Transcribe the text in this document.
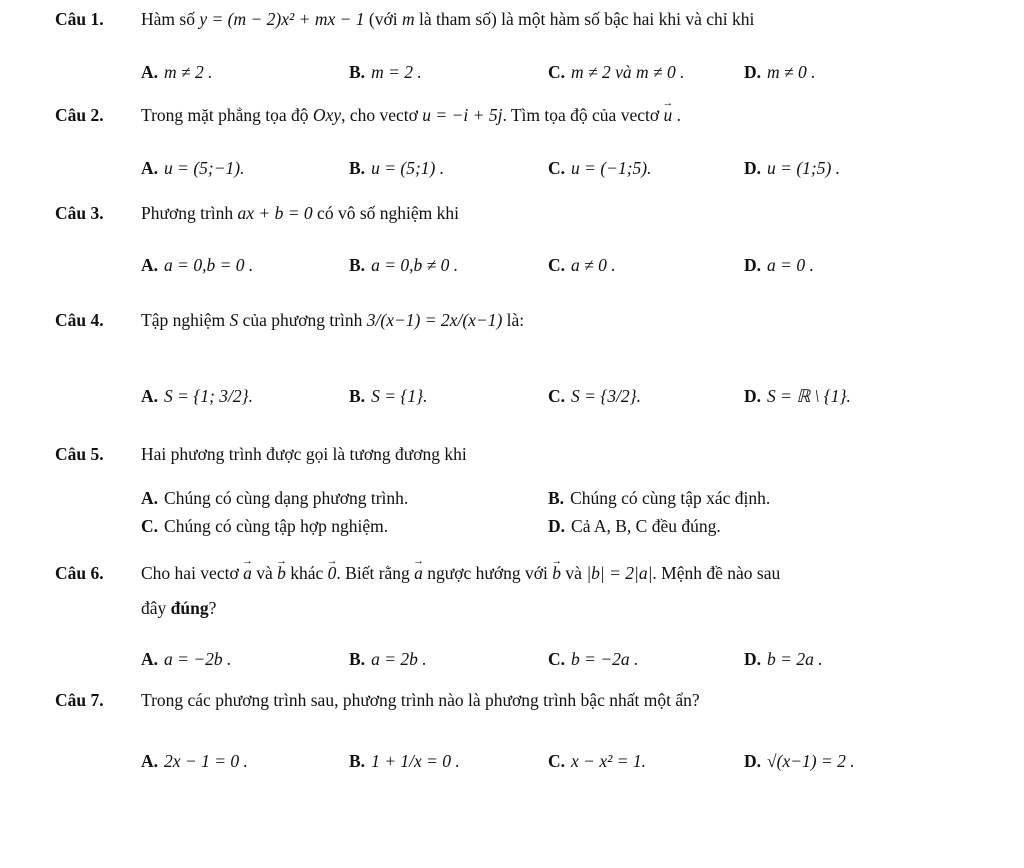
Câu 1. Hàm số y = (m − 2)x² + mx − 1 (với m là tham số) là một hàm số bậc hai khi và chỉ khi
A. m ≠ 2 .	B. m = 2 .	C. m ≠ 2 và m ≠ 0 .	D. m ≠ 0 .
Câu 2. Trong mặt phẳng tọa độ Oxy, cho vectơ u = −i + 5j. Tìm tọa độ của vectơ → u .
A. u = (5;−1).	B. u = (5;1) .	C. u = (−1;5).	D. u = (1;5) .
Câu 3. Phương trình ax + b = 0 có vô số nghiệm khi
A. a = 0,b = 0 .	B. a = 0,b ≠ 0 .	C. a ≠ 0 .	D. a = 0 .
Câu 4. Tập nghiệm S của phương trình 3/(x−1) = 2x/(x−1) là:
A. S = {1; 3/2}.	B. S = {1}.	C. S = {3/2}.	D. S = ℝ \ {1}.
Câu 5. Hai phương trình được gọi là tương đương khi
A. Chúng có cùng dạng phương trình.	B. Chúng có cùng tập xác định.
C. Chúng có cùng tập hợp nghiệm.	D. Cả A, B, C đều đúng.
Câu 6. Cho hai vectơ → a và → b khác → 0. Biết rằng → a ngược hướng với → b và |b| = 2|a|. Mệnh đề nào sau
đây đúng?
A. a = −2b .	B. a = 2b .	C. b = −2a .	D. b = 2a .
Câu 7. Trong các phương trình sau, phương trình nào là phương trình bậc nhất một ẩn?
A. 2x − 1 = 0 .	B. 1 + 1/x = 0 .	C. x − x² = 1.	D. √(x−1) = 2 .
